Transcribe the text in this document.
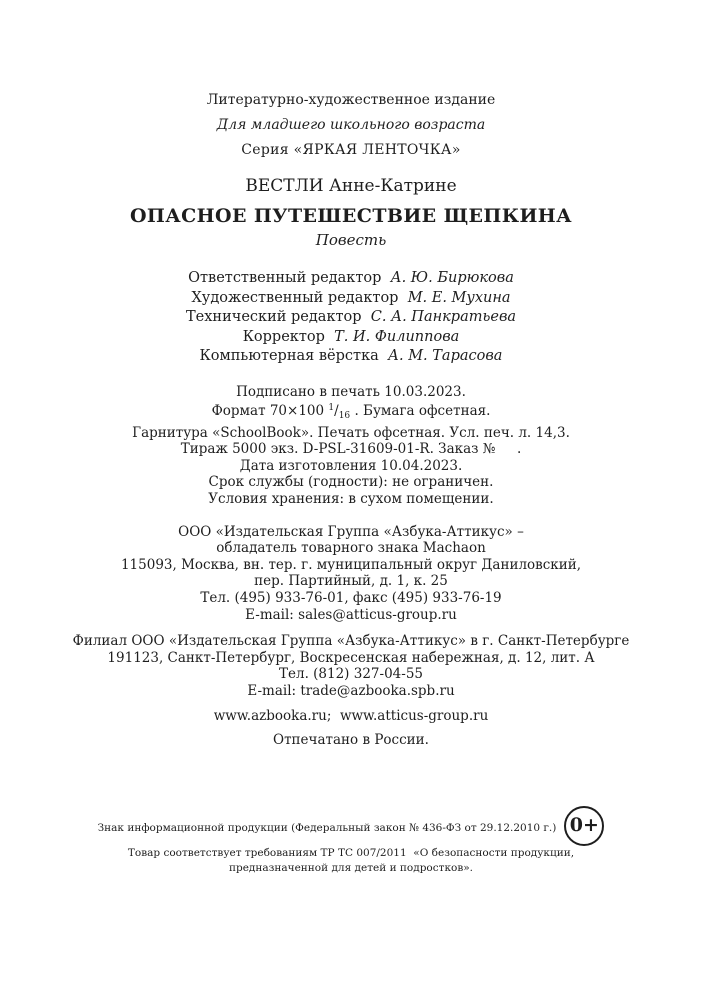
Литературно-художественное издание
Для младшего школьного возраста
Серия «ЯРКАЯ ЛЕНТОЧКА»
ВЕСТЛИ Анне-Катрине
ОПАСНОЕ ПУТЕШЕСТВИЕ ЩЕПКИНА
Повесть
Ответственный редактор А. Ю. Бирюкова
Художественный редактор М. Е. Мухина
Технический редактор С. А. Панкратьева
Корректор Т. И. Филиппова
Компьютерная вёрстка А. М. Тарасова
Подписано в печать 10.03.2023.
Формат 70×100 $^1/_{16}$ . Бумага офсетная.
Гарнитура «SchoolBook». Печать офсетная. Усл. печ. л. 14,3.
Тираж 5000 экз. D-PSL-31609-01-R. Заказ №     .
Дата изготовления 10.04.2023.
Срок службы (годности): не ограничен.
Условия хранения: в сухом помещении.
ООО «Издательская Группа «Азбука-Аттикус» –
обладатель товарного знака Machaon
115093, Москва, вн. тер. г. муниципальный округ Даниловский,
пер. Партийный, д. 1, к. 25
Тел. (495) 933-76-01, факс (495) 933-76-19
E-mail: sales@atticus-group.ru
Филиал ООО «Издательская Группа «Азбука-Аттикус» в г. Санкт-Петербурге
191123, Санкт-Петербург, Воскресенская набережная, д. 12, лит. А
Тел. (812) 327-04-55
E-mail: trade@azbooka.spb.ru
www.azbooka.ru;  www.atticus-group.ru
Отпечатано в России.
Знак информационной продукции (Федеральный закон № 436-ФЗ от 29.12.2010 г.) 0+
Товар соответствует требованиям ТР ТС 007/2011  «О безопасности продукции,
предназначенной для детей и подростков».
